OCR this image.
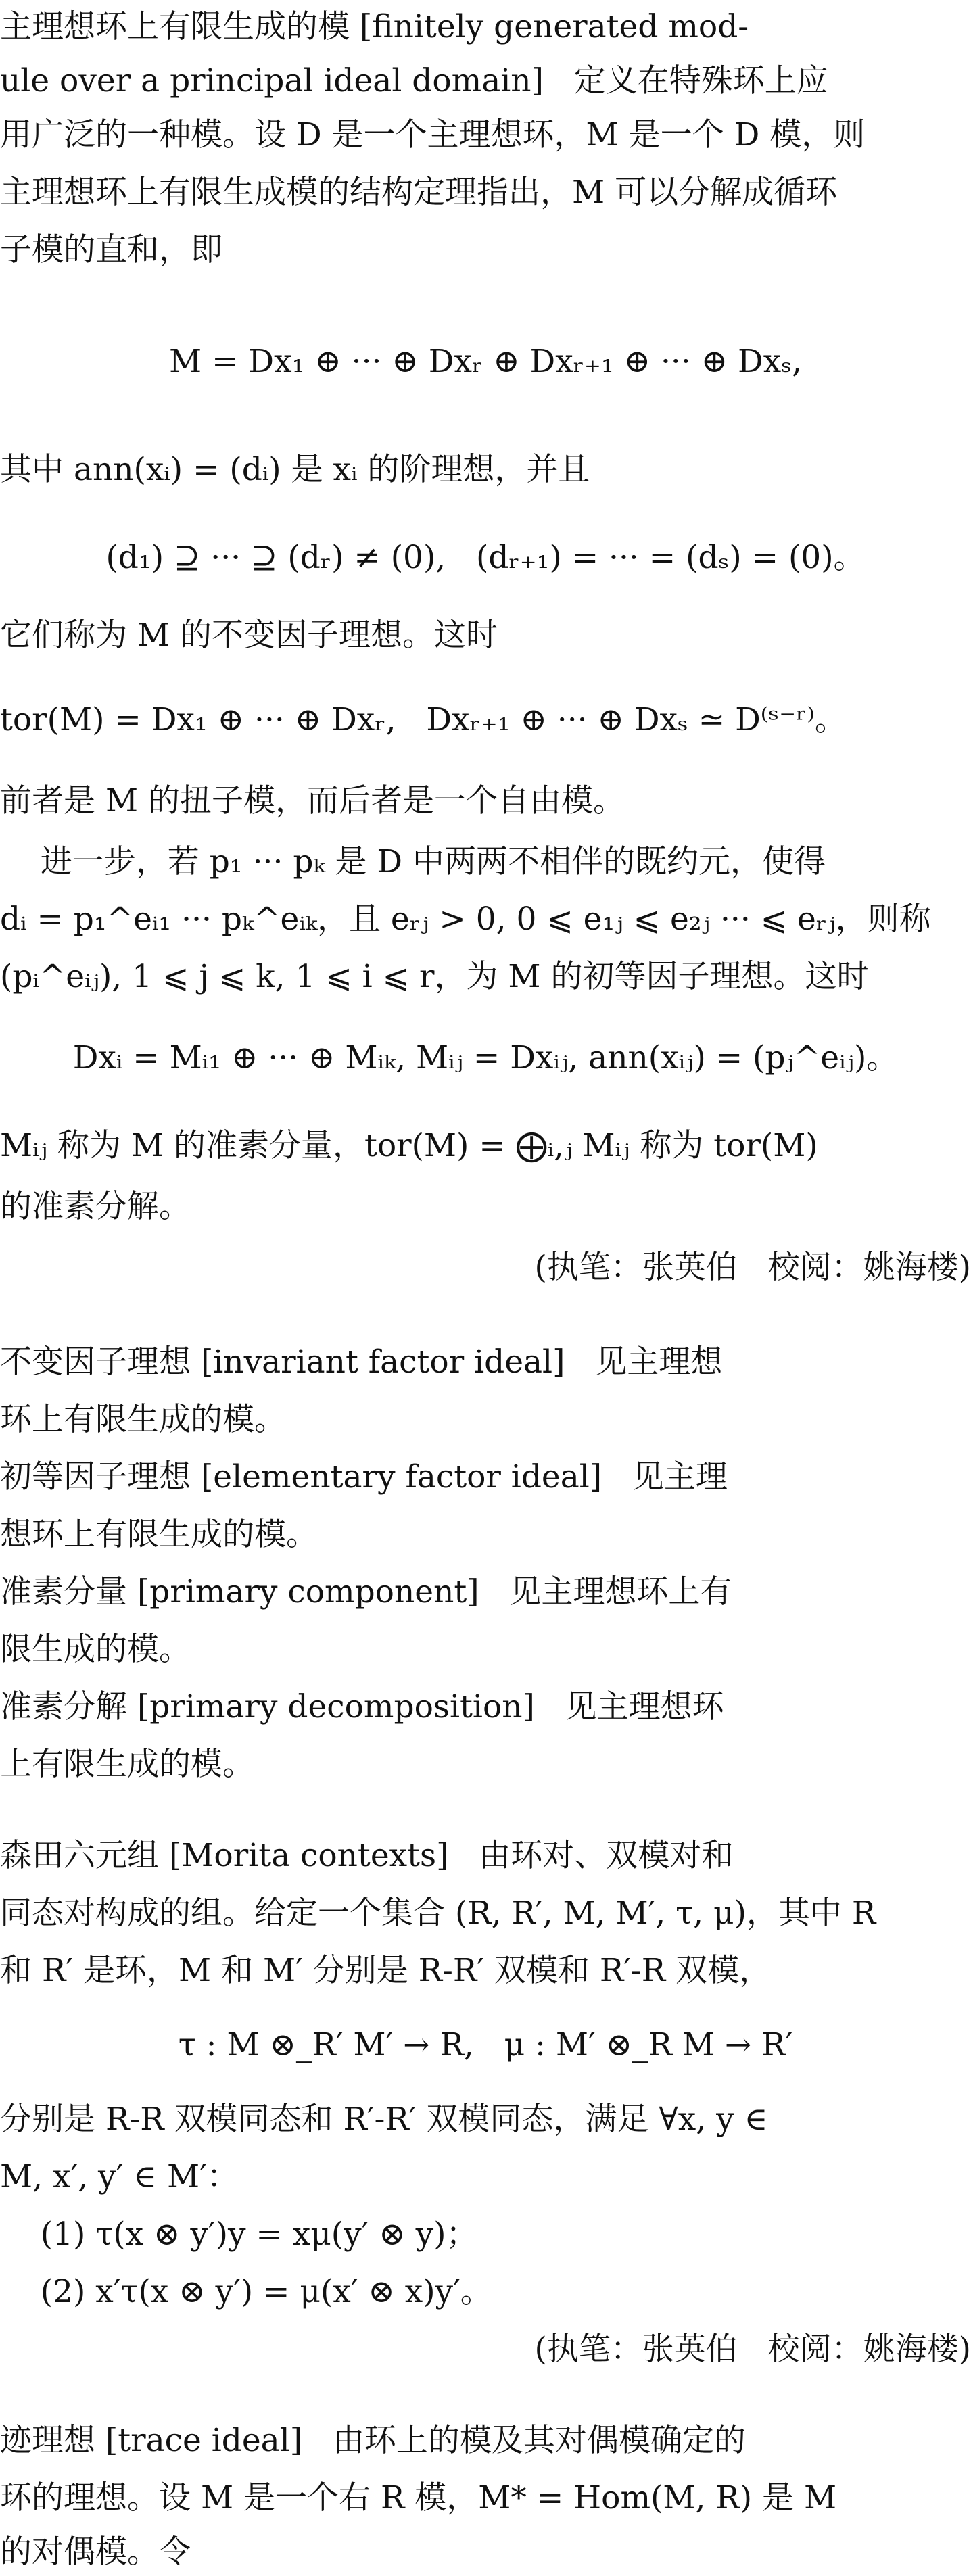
主理想环上有限生成的模 [finitely generated mod-
ule over a principal ideal domain]   定义在特殊环上应
用广泛的一种模。设 D 是一个主理想环，M 是一个 D 模，则
主理想环上有限生成模的结构定理指出，M 可以分解成循环
子模的直和，即
M = Dx₁ ⊕ ··· ⊕ Dxᵣ ⊕ Dxᵣ₊₁ ⊕ ··· ⊕ Dxₛ,
其中 ann(xᵢ) = (dᵢ) 是 xᵢ 的阶理想，并且
(d₁) ⊇ ··· ⊇ (dᵣ) ≠ (0),   (dᵣ₊₁) = ··· = (dₛ) = (0)。
它们称为 M 的不变因子理想。这时
tor(M) = Dx₁ ⊕ ··· ⊕ Dxᵣ,   Dxᵣ₊₁ ⊕ ··· ⊕ Dxₛ ≃ D⁽ˢ⁻ʳ⁾。
前者是 M 的扭子模，而后者是一个自由模。
进一步，若 p₁ ··· pₖ 是 D 中两两不相伴的既约元，使得
dᵢ = p₁^eᵢ₁ ··· pₖ^eᵢₖ，且 eᵣⱼ > 0, 0 ⩽ e₁ⱼ ⩽ e₂ⱼ ··· ⩽ eᵣⱼ，则称
(pᵢ^eᵢⱼ), 1 ⩽ j ⩽ k, 1 ⩽ i ⩽ r，为 M 的初等因子理想。这时
Dxᵢ = Mᵢ₁ ⊕ ··· ⊕ Mᵢₖ, Mᵢⱼ = Dxᵢⱼ, ann(xᵢⱼ) = (pⱼ^eᵢⱼ)。
Mᵢⱼ 称为 M 的准素分量，tor(M) = ⨁ᵢ,ⱼ Mᵢⱼ 称为 tor(M)
的准素分解。
(执笔：张英伯   校阅：姚海楼)
不变因子理想 [invariant factor ideal]   见主理想
环上有限生成的模。
初等因子理想 [elementary factor ideal]   见主理
想环上有限生成的模。
准素分量 [primary component]   见主理想环上有
限生成的模。
准素分解 [primary decomposition]   见主理想环
上有限生成的模。
森田六元组 [Morita contexts]   由环对、双模对和
同态对构成的组。给定一个集合 (R, R′, M, M′, τ, μ)，其中 R
和 R′ 是环，M 和 M′ 分别是 R-R′ 双模和 R′-R 双模，
τ : M ⊗_R′ M′ → R,   μ : M′ ⊗_R M → R′
分别是 R-R 双模同态和 R′-R′ 双模同态，满足 ∀x, y ∈
M, x′, y′ ∈ M′：
(1) τ(x ⊗ y′)y = xμ(y′ ⊗ y)；
(2) x′τ(x ⊗ y′) = μ(x′ ⊗ x)y′。
(执笔：张英伯   校阅：姚海楼)
迹理想 [trace ideal]   由环上的模及其对偶模确定的
环的理想。设 M 是一个右 R 模，M* = Hom(M, R) 是 M
的对偶模。令
